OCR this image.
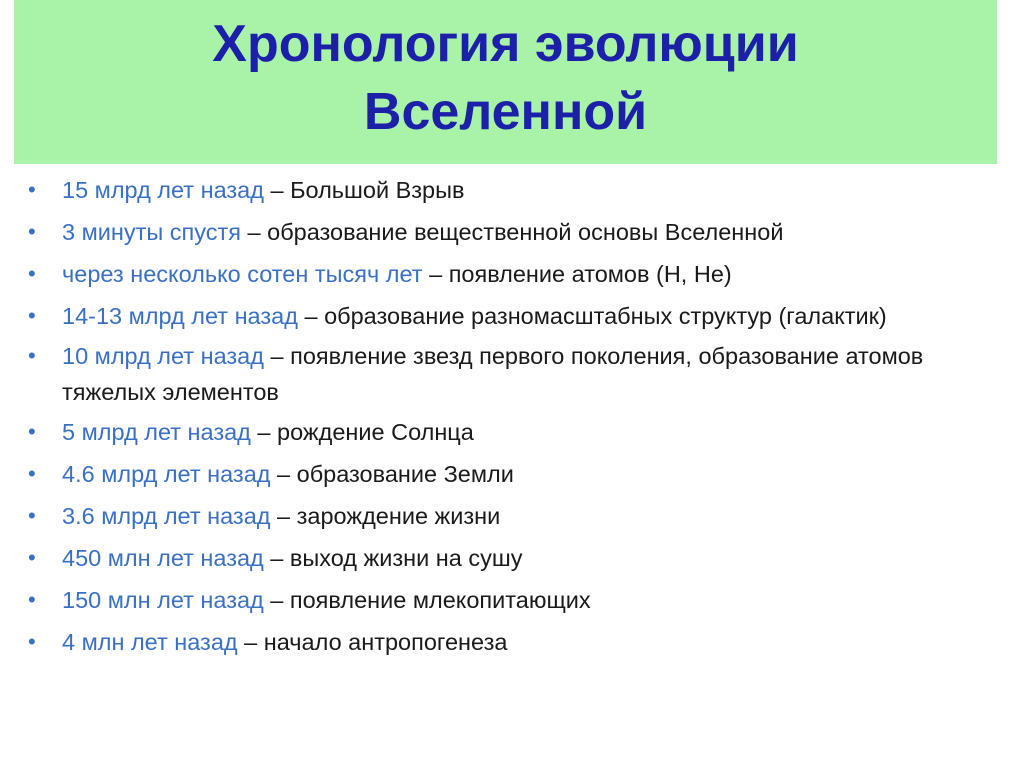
Хронология эволюции
Вселенной
• 15 млрд лет назад – Большой Взрыв
• 3 минуты спустя – образование вещественной основы Вселенной
• через несколько сотен тысяч лет – появление атомов (H, He)
• 14-13 млрд лет назад – образование разномасштабных структур (галактик)
• 10 млрд лет назад – появление звезд первого поколения, образование атомов тяжелых элементов
• 5 млрд лет назад – рождение Солнца
• 4.6 млрд лет назад – образование Земли
• 3.6 млрд лет назад – зарождение жизни
• 450 млн лет назад – выход жизни на сушу
• 150 млн лет назад – появление млекопитающих
• 4 млн лет назад – начало антропогенеза
